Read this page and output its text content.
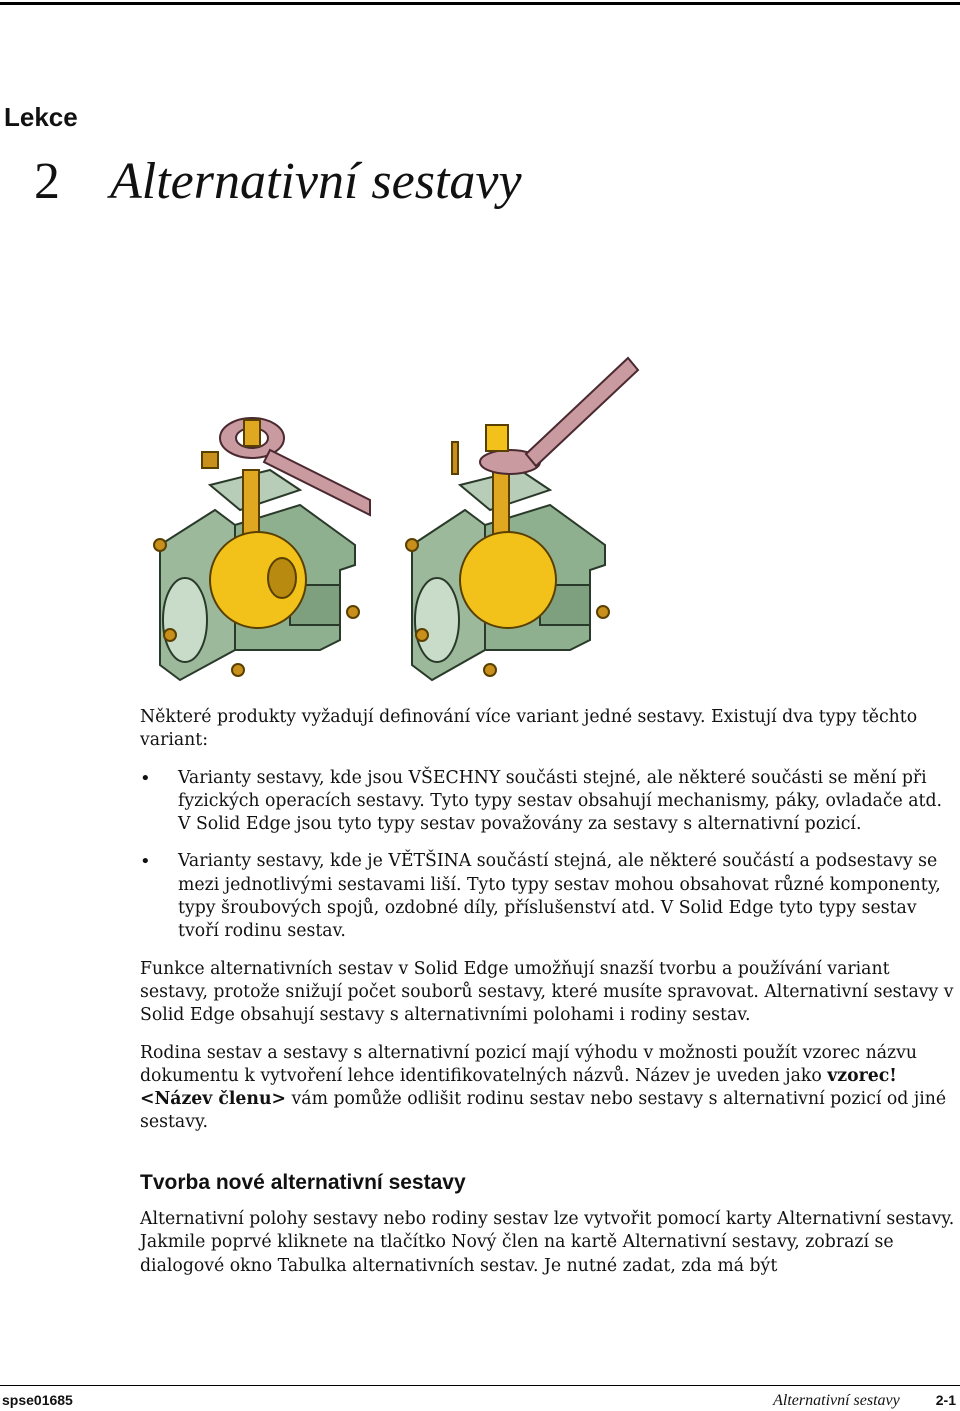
Lekce
2 Alternativní sestavy

Některé produkty vyžadují definování více variant jedné sestavy. Existují dva typy těchto variant:

• Varianty sestavy, kde jsou VŠECHNY součásti stejné, ale některé součásti se mění při fyzických operacích sestavy. Tyto typy sestav obsahují mechanismy, páky, ovladače atd. V Solid Edge jsou tyto typy sestav považovány za sestavy s alternativní pozicí.
• Varianty sestavy, kde je VĚTŠINA součástí stejná, ale některé součástí a podsestavy se mezi jednotlivými sestavami liší. Tyto typy sestav mohou obsahovat různé komponenty, typy šroubových spojů, ozdobné díly, příslušenství atd. V Solid Edge tyto typy sestav tvoří rodinu sestav.

Funkce alternativních sestav v Solid Edge umožňují snazší tvorbu a používání variant sestavy, protože snižují počet souborů sestavy, které musíte spravovat. Alternativní sestavy v Solid Edge obsahují sestavy s alternativními polohami i rodiny sestav.

Rodina sestav a sestavy s alternativní pozicí mají výhodu v možnosti použít vzorec názvu dokumentu k vytvoření lehce identifikovatelných názvů. Název je uveden jako vzorec!<Název členu> vám pomůže odlišit rodinu sestav nebo sestavy s alternativní pozicí od jiné sestavy.

Tvorba nové alternativní sestavy

Alternativní polohy sestavy nebo rodiny sestav lze vytvořit pomocí karty Alternativní sestavy. Jakmile poprvé kliknete na tlačítko Nový člen na kartě Alternativní sestavy, zobrazí se dialogové okno Tabulka alternativních sestav. Je nutné zadat, zda má být

spse01685	Alternativní sestavy	2-1
